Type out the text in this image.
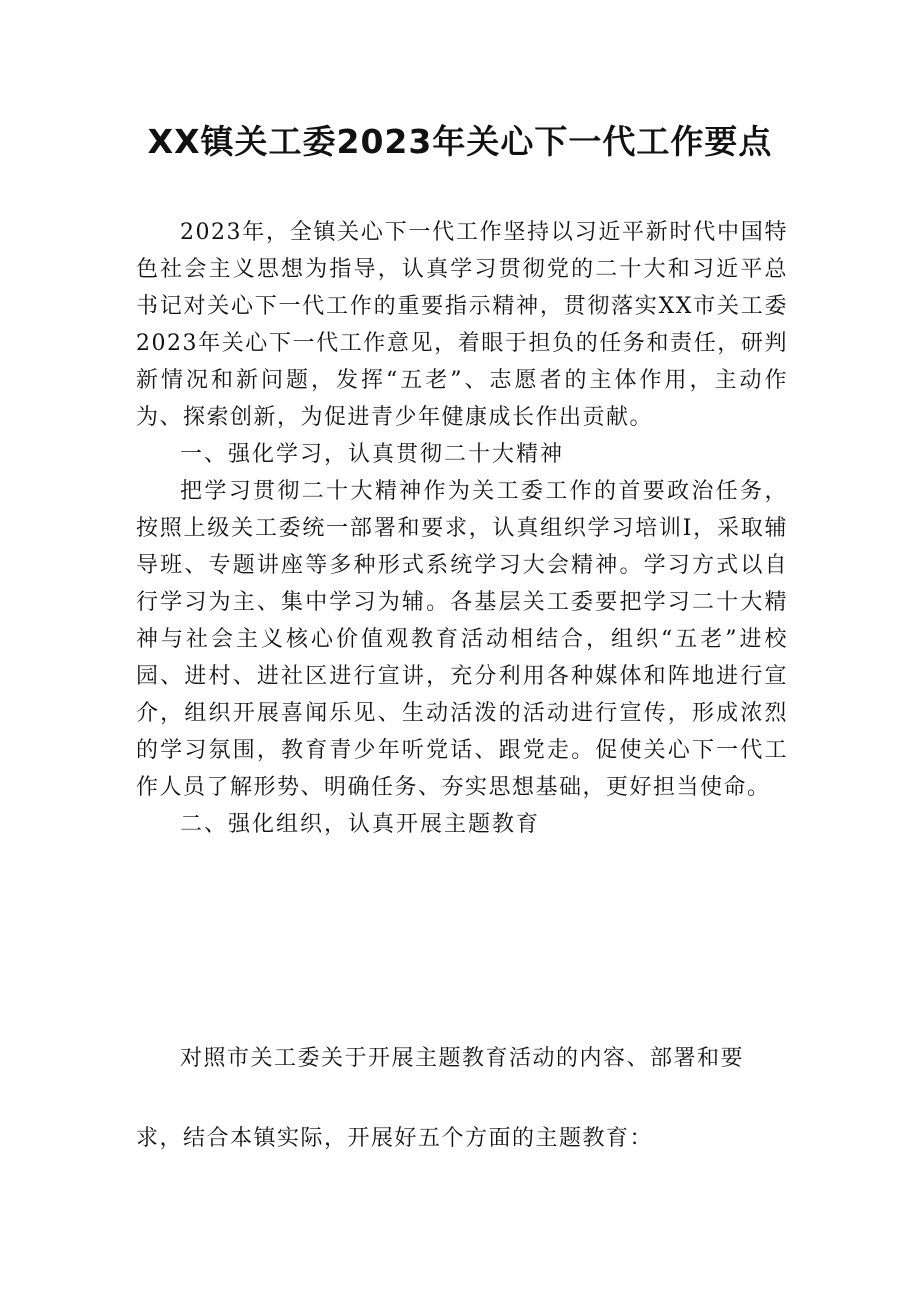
XX镇关工委2023年关心下一代工作要点

2023年，全镇关心下一代工作坚持以习近平新时代中国特色社会主义思想为指导，认真学习贯彻党的二十大和习近平总书记对关心下一代工作的重要指示精神，贯彻落实XX市关工委2023年关心下一代工作意见，着眼于担负的任务和责任，研判新情况和新问题，发挥“五老”、志愿者的主体作用，主动作为、探索创新，为促进青少年健康成长作出贡献。

一、强化学习，认真贯彻二十大精神

把学习贯彻二十大精神作为关工委工作的首要政治任务，按照上级关工委统一部署和要求，认真组织学习培训I，采取辅导班、专题讲座等多种形式系统学习大会精神。学习方式以自行学习为主、集中学习为辅。各基层关工委要把学习二十大精神与社会主义核心价值观教育活动相结合，组织“五老”进校园、进村、进社区进行宣讲，充分利用各种媒体和阵地进行宣介，组织开展喜闻乐见、生动活泼的活动进行宣传，形成浓烈的学习氛围，教育青少年听党话、跟党走。促使关心下一代工作人员了解形势、明确任务、夯实思想基础，更好担当使命。

二、强化组织，认真开展主题教育

对照市关工委关于开展主题教育活动的内容、部署和要

求，结合本镇实际，开展好五个方面的主题教育：
